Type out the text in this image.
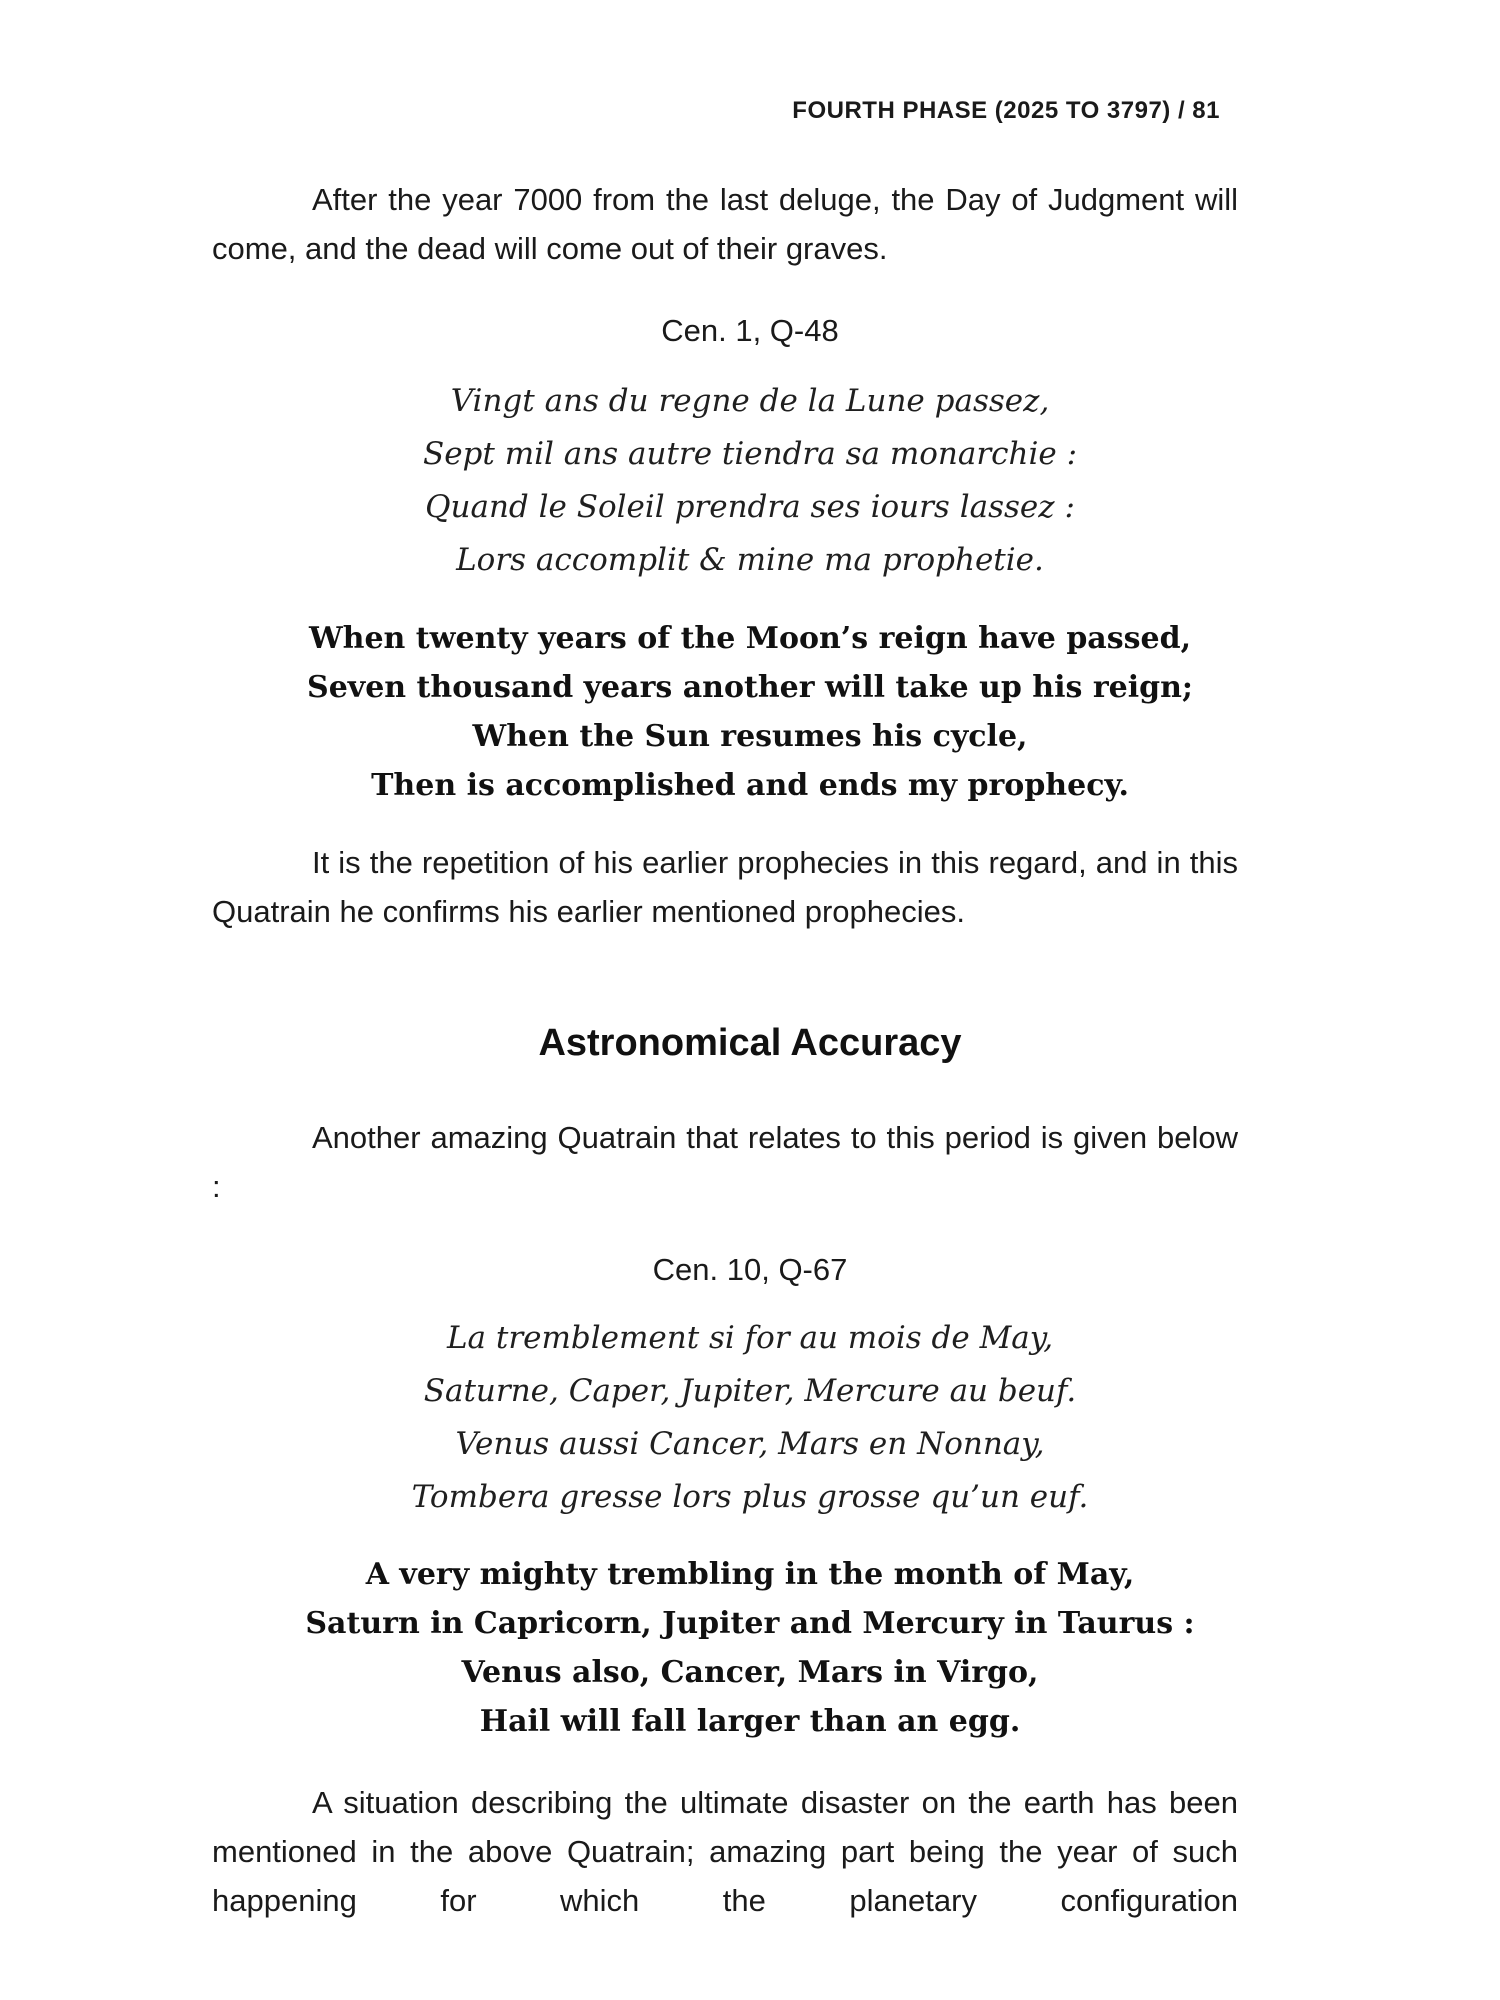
FOURTH PHASE (2025 TO 3797) / 81

After the year 7000 from the last deluge, the Day of Judgment will come, and the dead will come out of their graves.

Cen. 1, Q-48
Vingt ans du regne de la Lune passez,
Sept mil ans autre tiendra sa monarchie :
Quand le Soleil prendra ses iours lassez :
Lors accomplit & mine ma prophetie.
When twenty years of the Moon’s reign have passed,
Seven thousand years another will take up his reign;
When the Sun resumes his cycle,
Then is accomplished and ends my prophecy.

It is the repetition of his earlier prophecies in this regard, and in this Quatrain he confirms his earlier mentioned prophecies.

Astronomical Accuracy

Another amazing Quatrain that relates to this period is given below :

Cen. 10, Q-67
La tremblement si for au mois de May,
Saturne, Caper, Jupiter, Mercure au beuf.
Venus aussi Cancer, Mars en Nonnay,
Tombera gresse lors plus grosse qu’un euf.
A very mighty trembling in the month of May,
Saturn in Capricorn, Jupiter and Mercury in Taurus :
Venus also, Cancer, Mars in Virgo,
Hail will fall larger than an egg.

A situation describing the ultimate disaster on the earth has been mentioned in the above Quatrain; amazing part being the year of such happening for which the planetary configuration
